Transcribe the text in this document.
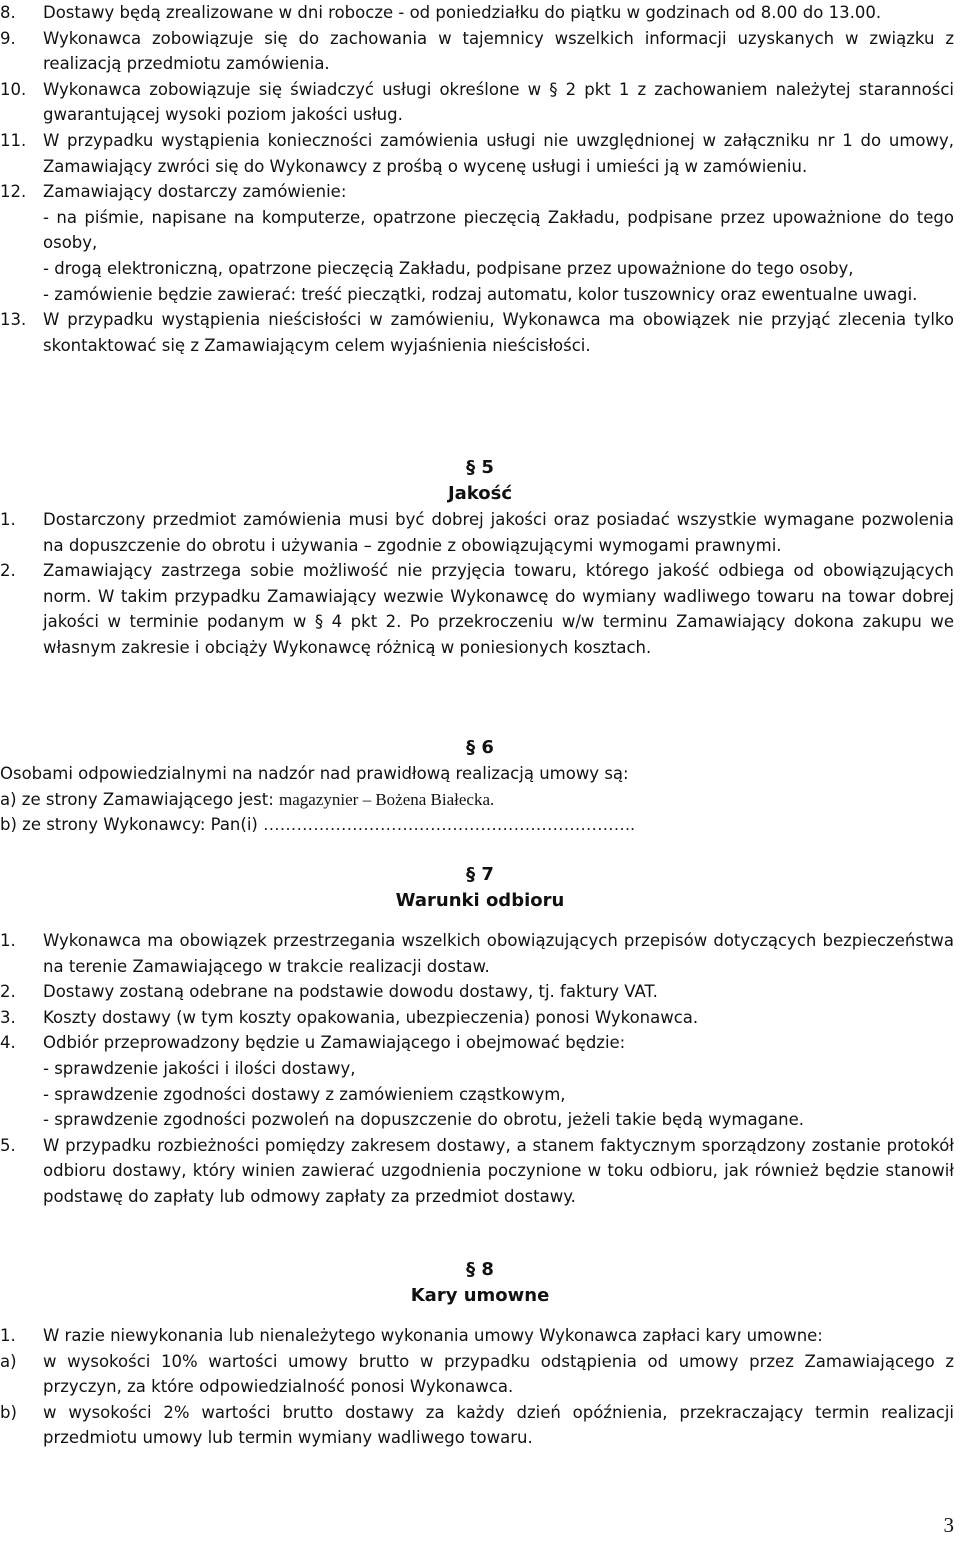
8. Dostawy będą zrealizowane w dni robocze - od poniedziałku do piątku w godzinach od 8.00 do 13.00.
9. Wykonawca zobowiązuje się do zachowania w tajemnicy wszelkich informacji uzyskanych w związku z realizacją przedmiotu zamówienia.
10. Wykonawca zobowiązuje się świadczyć usługi określone w § 2 pkt 1 z zachowaniem należytej staranności gwarantującej wysoki poziom jakości usług.
11. W przypadku wystąpienia konieczności zamówienia usługi nie uwzględnionej w załączniku nr 1 do umowy, Zamawiający zwróci się do Wykonawcy z prośbą o wycenę usługi i umieści ją w zamówieniu.
12. Zamawiający dostarczy zamówienie:
- na piśmie, napisane na komputerze, opatrzone pieczęcią Zakładu, podpisane przez upoważnione do tego osoby,
- drogą elektroniczną, opatrzone pieczęcią Zakładu, podpisane przez upoważnione do tego osoby,
- zamówienie będzie zawierać: treść pieczątki, rodzaj automatu, kolor tuszownicy oraz ewentualne uwagi.
13. W przypadku wystąpienia nieścisłości w zamówieniu, Wykonawca ma obowiązek nie przyjąć zlecenia tylko skontaktować się z Zamawiającym celem wyjaśnienia nieścisłości.
§ 5
Jakość
1. Dostarczony przedmiot zamówienia musi być dobrej jakości oraz posiadać wszystkie wymagane pozwolenia na dopuszczenie do obrotu i używania – zgodnie z obowiązującymi wymogami prawnymi.
2. Zamawiający zastrzega sobie możliwość nie przyjęcia towaru, którego jakość odbiega od obowiązujących norm. W takim przypadku Zamawiający wezwie Wykonawcę do wymiany wadliwego towaru na towar dobrej jakości w terminie podanym w § 4 pkt 2. Po przekroczeniu w/w terminu Zamawiający dokona zakupu we własnym zakresie i obciąży Wykonawcę różnicą w poniesionych kosztach.
§ 6
Osobami odpowiedzialnymi na nadzór nad prawidłową realizacją umowy są:
a) ze strony Zamawiającego jest: magazynier – Bożena Białecka.
b) ze strony Wykonawcy: Pan(i) ………………………………………………………….
§ 7
Warunki odbioru
1. Wykonawca ma obowiązek przestrzegania wszelkich obowiązujących przepisów dotyczących bezpieczeństwa na terenie Zamawiającego w trakcie realizacji dostaw.
2. Dostawy zostaną odebrane na podstawie dowodu dostawy, tj. faktury VAT.
3. Koszty dostawy (w tym koszty opakowania, ubezpieczenia) ponosi Wykonawca.
4. Odbiór przeprowadzony będzie u Zamawiającego i obejmować będzie:
- sprawdzenie jakości i ilości dostawy,
- sprawdzenie zgodności dostawy z zamówieniem cząstkowym,
- sprawdzenie zgodności pozwoleń na dopuszczenie do obrotu, jeżeli takie będą wymagane.
5. W przypadku rozbieżności pomiędzy zakresem dostawy, a stanem faktycznym sporządzony zostanie protokół odbioru dostawy, który winien zawierać uzgodnienia poczynione w toku odbioru, jak również będzie stanowił podstawę do zapłaty lub odmowy zapłaty za przedmiot dostawy.
§ 8
Kary umowne
1. W razie niewykonania lub nienależytego wykonania umowy Wykonawca zapłaci kary umowne:
a) w wysokości 10% wartości umowy brutto w przypadku odstąpienia od umowy przez Zamawiającego z przyczyn, za które odpowiedzialność ponosi Wykonawca.
b) w wysokości 2% wartości brutto dostawy za każdy dzień opóźnienia, przekraczający termin realizacji przedmiotu umowy lub termin wymiany wadliwego towaru.
3
